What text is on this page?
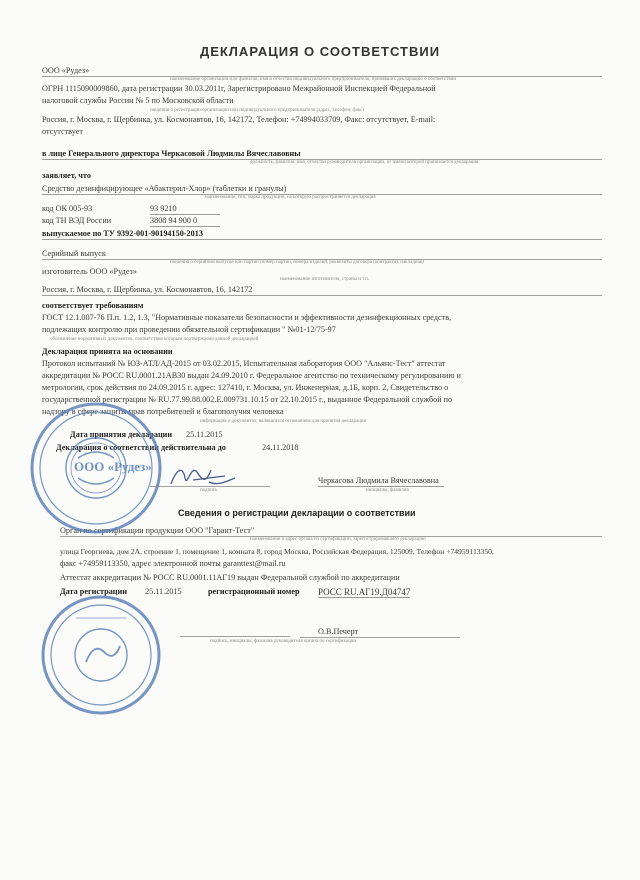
ДЕКЛАРАЦИЯ О СООТВЕТСТВИИ
ООО «Рудез»
наименование организации или фамилия, имя и отчество индивидуального предпринимателя, принявших декларацию о соответствии
ОГРН 1115090009860, дата регистрации 30.03.2011г, Зарегистрировано Межрайонной Инспекцией Федеральной
налоговой службы России № 5 по Московской области
сведения о регистрации организации или индивидуального предпринимателя (адрес, телефон, факс)
Россия, г. Москва, г. Щербинка, ул. Космонавтов, 16, 142172, Телефон: +74994033709, Факс: отсутствует, E-mail:
отсутствует
в лице Генерального директора Черкасовой Людмилы Вячеславовны
должность, фамилия, имя, отчество руководителя организации, от имени которой принимается декларация
заявляет, что
Средство дезинфицирующее «Абактерил-Хлор» (таблетки и гранулы)
наименование, тип, марка продукции, на которую распространяется декларация
код ОК 005-93	93 9210
код ТН ВЭД России	3808 94 900 0
выпускаемое по ТУ 9392-001-90194150-2013
Серийный выпуск
сведения о серийном выпуске или партии (номер партии, номера изделий, реквизиты договора (контракта), накладная)
изготовитель ООО «Рудез»
наименование изготовителя, страны и т.п.
Россия, г. Москва, г. Щербинка, ул. Космонавтов, 16, 142172
соответствует требованиям
ГОСТ 12.1.007-76 П.п. 1.2, 1.3, "Нормативные показатели безопасности и эффективности дезинфекционных средств,
подлежащих контролю при проведении обязательной сертификации " №01-12/75-97
обозначение нормативных документов, соответствие которым подтверждено данной декларацией
Декларация принята на основании
Протокол испытаний № ЮЗ-АТЛ/АД-2015 от 03.02.2015, Испытательная лаборатория ООО "Альянс-Тест" аттестат
аккредитации № РОСС RU.0001.21АВ30 выдан 24.09.2010 г. Федеральное агентство по техническому регулированию и
метрологии, срок действия по 24.09.2015 г. адрес: 127410, г. Москва, ул. Инженерная, д.1Б, корп. 2, Свидетельство о
государственной регистрации № RU.77.99.88.002.Е.009731.10.15 от 22.10.2015 г., выданное Федеральной службой по
надзору в сфере защиты прав потребителей и благополучия человека
информация о документах, являвшихся основанием для принятия декларации
Дата принятия декларации 25.11.2015
Декларация о соответствии действительна до	24.11.2018
подпись
Черкасова Людмила Вячеславовна
инициалы, фамилия
Сведения о регистрации декларации о соответствии
Орган по сертификации продукции ООО "Гарант-Тест"
наименование и адрес органа по сертификации, зарегистрировавшего декларацию
улица Георгиева, дом 2А, строение 1, помещение 1, комната 8, город Москва, Российская Федерация, 125009, Телефон +74959113350,
факс +74959113350, адрес электронной почты garanttest@mail.ru
Аттестат аккредитации № РОСС RU.0001.11АГ19 выдан Федеральной службой по аккредитации
Дата регистрации 25.11.2015	регистрационный номер РОСС RU.АГ19.Д04747
О.В.Печерт
подпись, инициалы, фамилия руководителя органа по сертификации
ООО «Рудез»
